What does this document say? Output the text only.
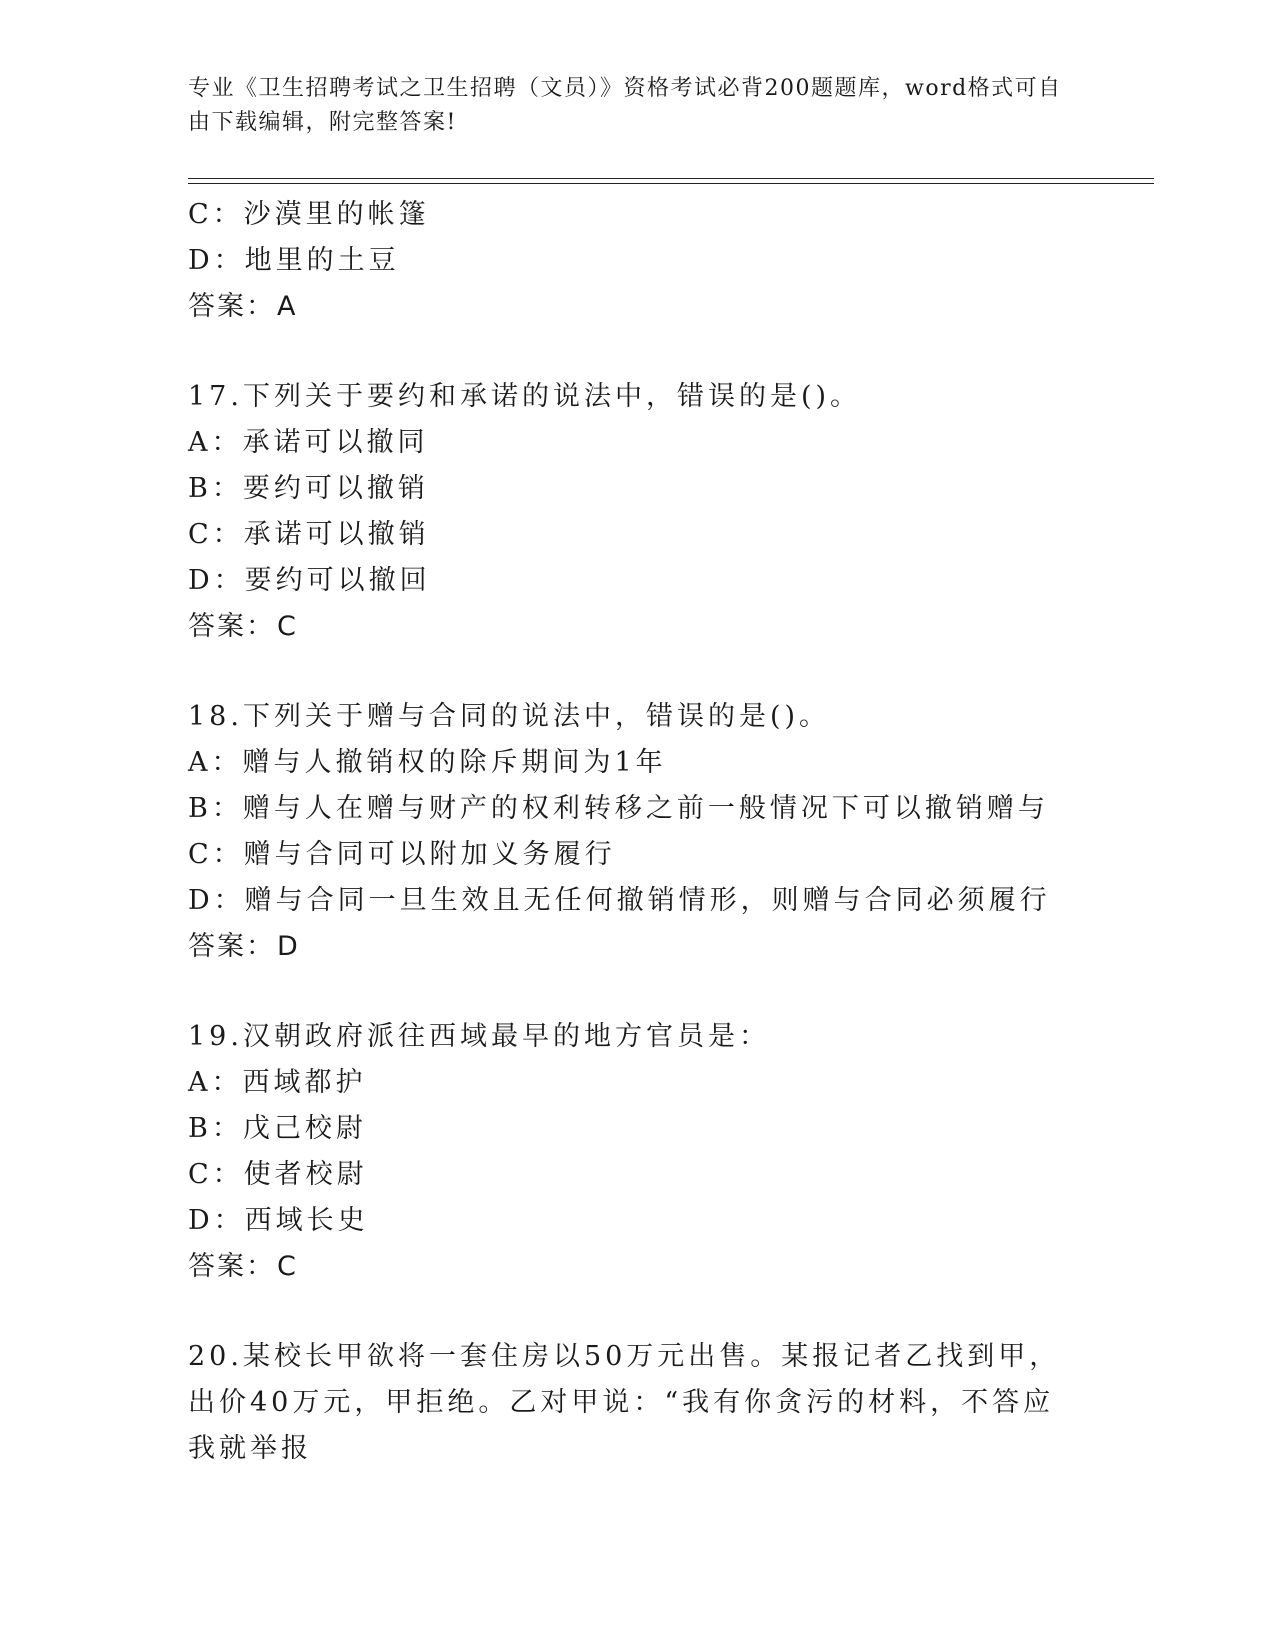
专业《卫生招聘考试之卫生招聘（文员）》资格考试必背200题题库，word格式可自由下载编辑，附完整答案!
C：沙漠里的帐篷
D：地里的土豆
答案：A
17.下列关于要约和承诺的说法中，错误的是()。
A：承诺可以撤同
B：要约可以撤销
C：承诺可以撤销
D：要约可以撤回
答案：C
18.下列关于赠与合同的说法中，错误的是()。
A：赠与人撤销权的除斥期间为1年
B：赠与人在赠与财产的权利转移之前一般情况下可以撤销赠与
C：赠与合同可以附加义务履行
D：赠与合同一旦生效且无任何撤销情形，则赠与合同必须履行
答案：D
19.汉朝政府派往西域最早的地方官员是：
A：西域都护
B：戊己校尉
C：使者校尉
D：西域长史
答案：C
20.某校长甲欲将一套住房以50万元出售。某报记者乙找到甲，出价40万元，甲拒绝。乙对甲说：“我有你贪污的材料，不答应我就举报
